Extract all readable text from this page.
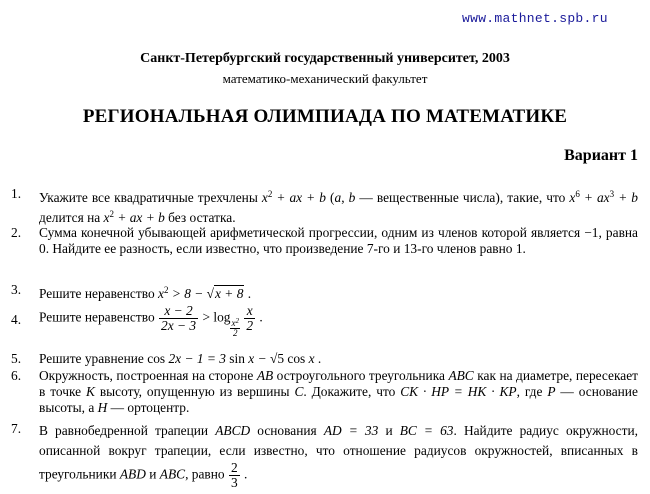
www.mathnet.spb.ru
Санкт-Петербургский государственный университет, 2003
математико-механический факультет
РЕГИОНАЛЬНАЯ ОЛИМПИАДА ПО МАТЕМАТИКЕ
Вариант 1
1.	Укажите все квадратичные трехчлены $x^2$ + ax + b (a, b — вещественные числа), такие, что $x^6 + ax^3 + b$ делится на $x^2$ + ax + b без остатка.
2.	Сумма конечной убывающей арифметической прогрессии, одним из членов которой является −1, равна 0. Найдите ее разность, если известно, что произведение 7-го и 13-го членов равно 1.
3.	Решите неравенство $x^2 > 8 - √x + 8$ .
4.	Решите неравенство $\frac{x - 2}{2x - 3} > \log \frac{x^2}{2}$
$\frac{x}{2}$ .
5.	Решите уравнение cos 2x − 1 = 3 sin x − √5 cos x .
6.	Окружность, построенная на стороне AB остроугольного треугольника ABC как на диаметре, пересекает в точке K высоту, опущенную из вершины C. Докажите, что CK · HP = HK · KP, где P — основание высоты, а H — ортоцентр.
7.	В равнобедренной трапеции ABCD основания AD = 33 и BC = 63. Найдите радиус окружности, описанной вокруг трапеции, если известно, что отношение радиусов окружностей, вписанных в треугольники ABD и ABC, равно $\frac{2}{3}$ .
